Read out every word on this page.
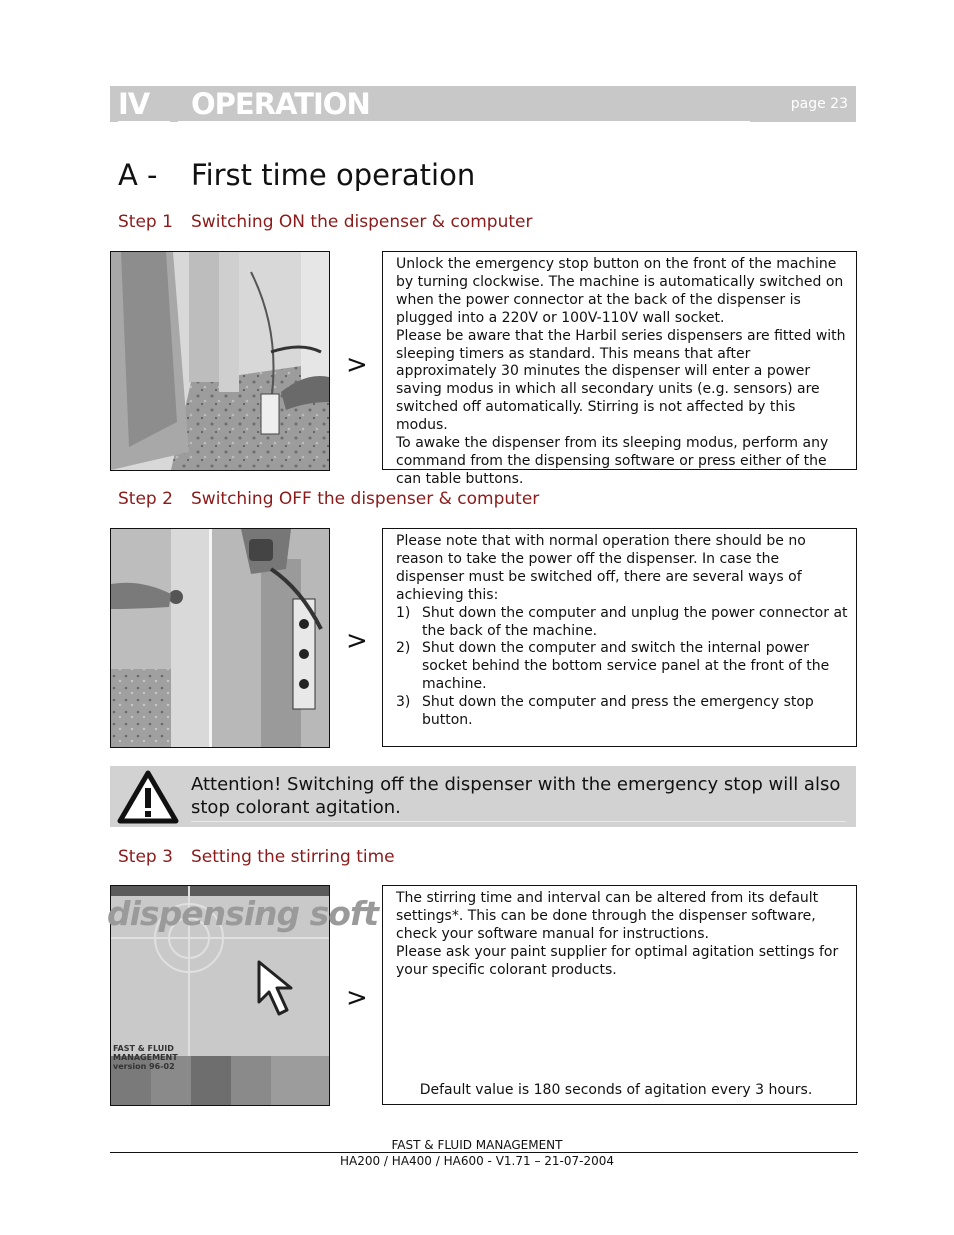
IV OPERATION	page 23
A - First time operation
Step 1 Switching ON the dispenser & computer
>

Unlock the emergency stop button on the front of the machine by turning clockwise. The machine is automatically switched on when the power connector at the back of the dispenser is plugged into a 220V or 100V-110V wall socket.

Please be aware that the Harbil series dispensers are fitted with sleeping timers as standard. This means that after approximately 30 minutes the dispenser will enter a power saving modus in which all secondary units (e.g. sensors) are switched off automatically. Stirring is not affected by this modus.

To awake the dispenser from its sleeping modus, perform any command from the dispensing software or press either of the can table buttons.

Step 2 Switching OFF the dispenser & computer
>

Please note that with normal operation there should be no reason to take the power off the dispenser. In case the dispenser must be switched off, there are several ways of achieving this:

1) Shut down the computer and unplug the power connector at the back of the machine.
2) Shut down the computer and switch the internal power socket behind the bottom service panel at the front of the machine.
3) Shut down the computer and press the emergency stop button.
Attention! Switching off the dispenser with the emergency stop will also stop colorant agitation.
Step 3 Setting the stirring time
dispensing soft
FAST & FLUID
MANAGEMENT
version 96-02
>

The stirring time and interval can be altered from its default settings*. This can be done through the dispenser software, check your software manual for instructions.

Please ask your paint supplier for optimal agitation settings for your specific colorant products.

Default value is 180 seconds of agitation every 3 hours.
FAST & FLUID MANAGEMENT
HA200 / HA400 / HA600 - V1.71 – 21-07-2004
